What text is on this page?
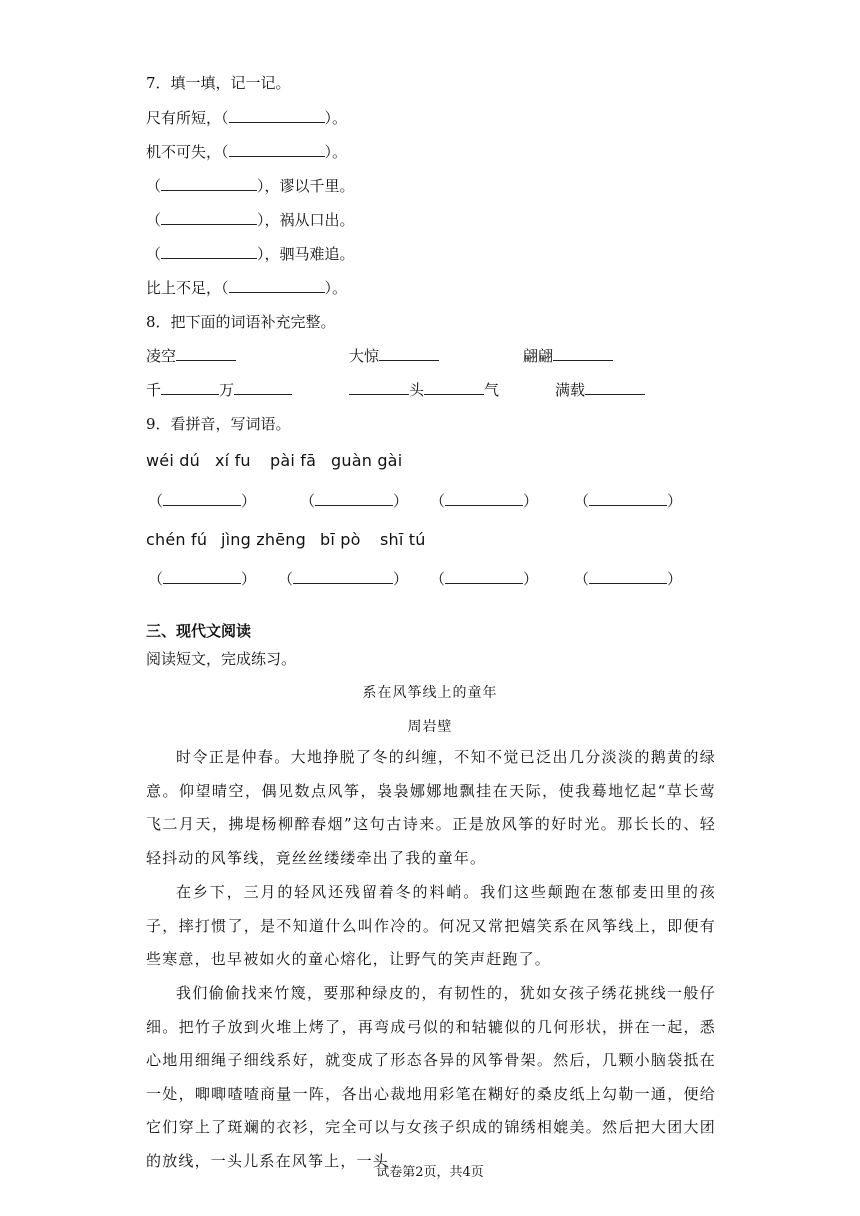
7．填一填，记一记。
尺有所短，（	）。
机不可失，（	）。
（	），谬以千里。
（	），祸从口出。
（	），驷马难追。
比上不足，（	）。
8．把下面的词语补充完整。
凌空	大惊	翩翩
千	万	头	气	满载
9．看拼音，写词语。
wéi dú xí fu pài fā guàn gài
（	）	（	） （	） （	）
chén fú jìng zhēng bī pò shī tú
（	） （	） （	） （	）
三、现代文阅读
阅读短文，完成练习。
系在风筝线上的童年
周岩壁
时令正是仲春。大地挣脱了冬的纠缠，不知不觉已泛出几分淡淡的鹅黄的绿意。仰望晴空，偶见数点风筝，袅袅娜娜地飘挂在天际，使我蓦地忆起“草长莺飞二月天，拂堤杨柳醉春烟”这句古诗来。正是放风筝的好时光。那长长的、轻轻抖动的风筝线，竟丝丝缕缕牵出了我的童年。
在乡下，三月的轻风还残留着冬的料峭。我们这些颠跑在葱郁麦田里的孩子，摔打惯了，是不知道什么叫作冷的。何况又常把嬉笑系在风筝线上，即便有些寒意，也早被如火的童心熔化，让野气的笑声赶跑了。
我们偷偷找来竹篾，要那种绿皮的，有韧性的，犹如女孩子绣花挑线一般仔细。把竹子放到火堆上烤了，再弯成弓似的和轱辘似的几何形状，拼在一起，悉心地用细绳子细线系好，就变成了形态各异的风筝骨架。然后，几颗小脑袋抵在一处，唧唧喳喳商量一阵，各出心裁地用彩笔在糊好的桑皮纸上勾勒一通，便给它们穿上了斑斓的衣衫，完全可以与女孩子织成的锦绣相媲美。然后把大团大团的放线，一头儿系在风筝上，一头
试卷第2页，共4页
